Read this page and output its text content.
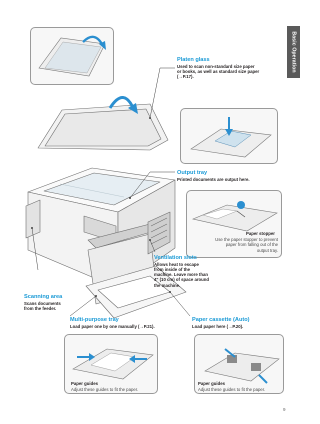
Basic Operation
Platen glass
Used to scan non-standard size paper
or books, as well as standard size paper
(→P.17).
Output tray
Printed documents are output here.
Paper stopper
Use the paper stopper to prevent
paper from falling out of the
output tray.
Ventilation slots
Allows heat to escape
from inside of the
machine. Leave more than
4" (10 cm) of space around
the machine.
Scanning area
Scans documents
from the feeder.
Multi-purpose tray
Load paper one by one manually (→P.21).
Paper cassette (Auto)
Load paper here (→P.20).
Paper guides
Adjust these guides to fit the paper.
Paper guides
Adjust these guides to fit the paper.
9
